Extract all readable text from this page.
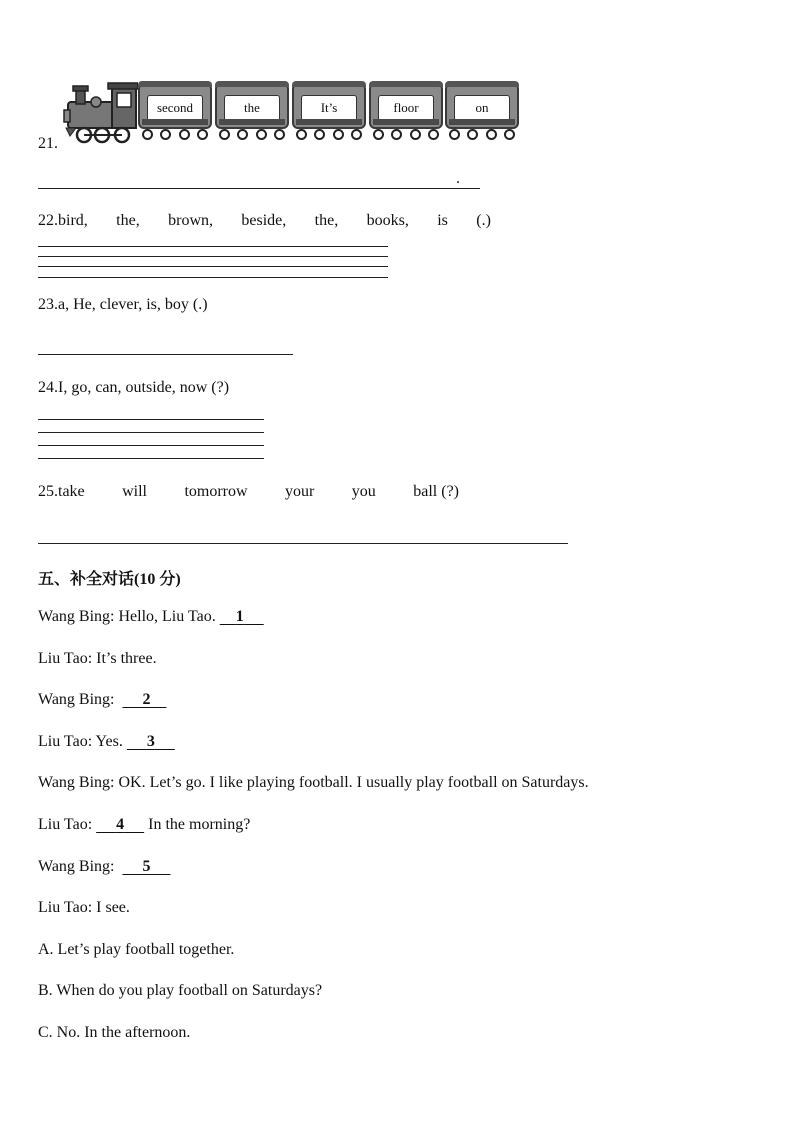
second	the	It’s	floor	on
21.
.
22.bird, the, brown, beside, the, books, is (.)
23.a, He, clever, is, boy (.)
24.I, go, can, outside, now (?)
25.take will tomorrow your you ball (?)
五、补全对话(10 分)
Wang Bing: Hello, Liu Tao. 1
Liu Tao: It’s three.
Wang Bing: 2
Liu Tao: Yes. 3
Wang Bing: OK. Let’s go. I like playing football. I usually play football on Saturdays.
Liu Tao: 4 In the morning?
Wang Bing: 5
Liu Tao: I see.
A. Let’s play football together.
B. When do you play football on Saturdays?
C. No. In the afternoon.
